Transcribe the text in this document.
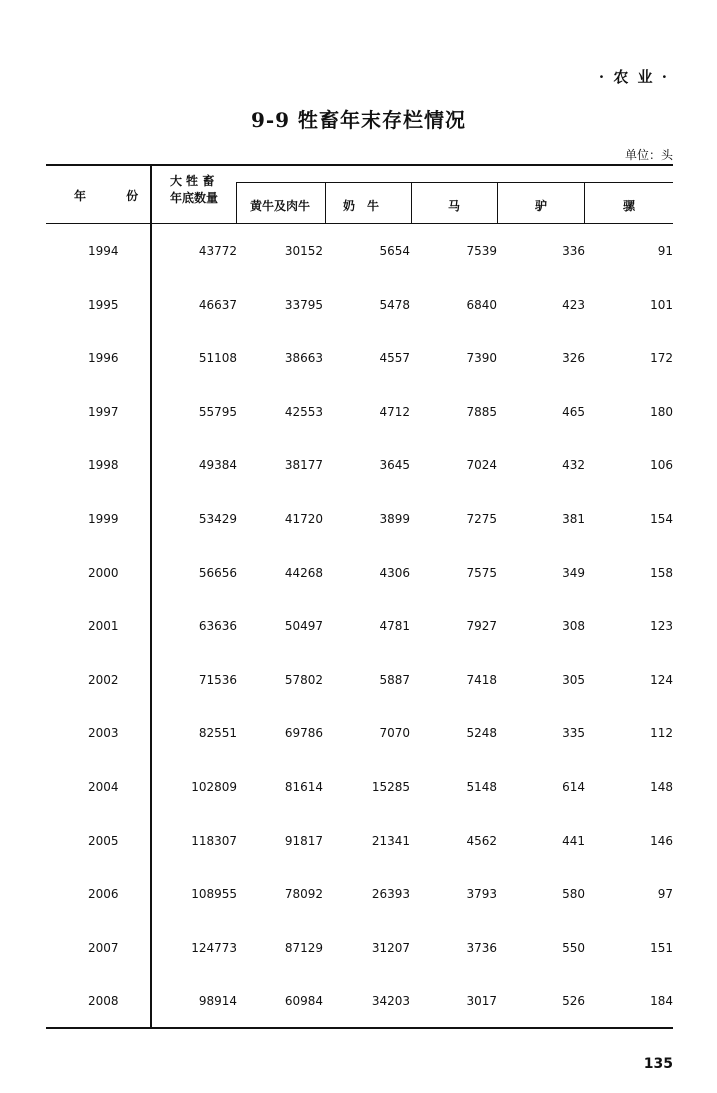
· 农 业 ·
9-9 牲畜年末存栏情况
单位：头
年 份
大 牲 畜
年底数量
黄牛及肉牛	奶　牛	马	驴	骡
1994	43772	30152	5654	7539	336	91
1995	46637	33795	5478	6840	423	101
1996	51108	38663	4557	7390	326	172
1997	55795	42553	4712	7885	465	180
1998	49384	38177	3645	7024	432	106
1999	53429	41720	3899	7275	381	154
2000	56656	44268	4306	7575	349	158
2001	63636	50497	4781	7927	308	123
2002	71536	57802	5887	7418	305	124
2003	82551	69786	7070	5248	335	112
2004	102809	81614	15285	5148	614	148
2005	118307	91817	21341	4562	441	146
2006	108955	78092	26393	3793	580	97
2007	124773	87129	31207	3736	550	151
2008	98914	60984	34203	3017	526	184
135
